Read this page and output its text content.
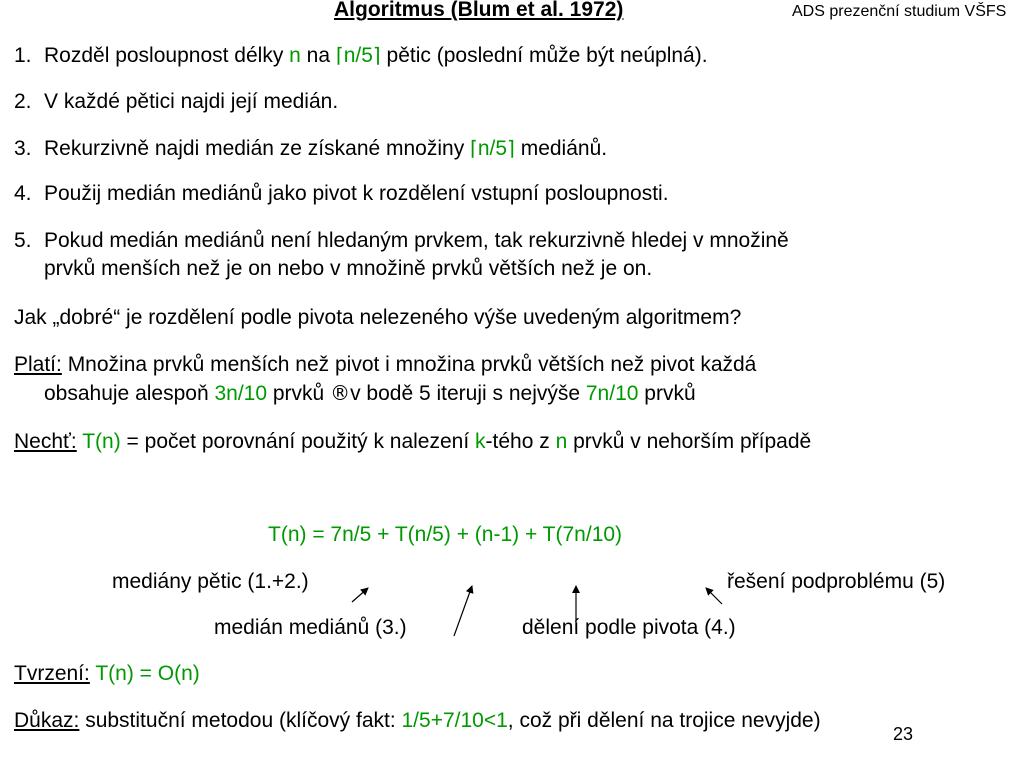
Algoritmus (Blum et al. 1972)	ADS prezenční studium VŠFS
1. Rozděl posloupnost délky n na ⌈n/5⌉ pětic (poslední může být neúplná).
2. V každé pětici najdi její medián.
3. Rekurzivně najdi medián ze získané množiny ⌈n/5⌉ mediánů.
4. Použij medián mediánů jako pivot k rozdělení vstupní posloupnosti.
5. Pokud medián mediánů není hledaným prvkem, tak rekurzivně hledej v množině
prvků menších než je on nebo v množině prvků větších než je on.
Jak „dobré“ je rozdělení podle pivota nelezeného výše uvedeným algoritmem?
Platí: Množina prvků menších než pivot i množina prvků větších než pivot každá
obsahuje alespoň 3n/10 prvků ®v bodě 5 iteruji s nejvýše 7n/10 prvků
Nechť: T(n) = počet porovnání použitý k nalezení k-tého z n prvků v nehorším případě
T(n) = 7n/5 + T(n/5) + (n-1) + T(7n/10)
mediány pětic (1.+2.)	řešení podproblému (5)
medián mediánů (3.)	dělení podle pivota (4.)
Tvrzení: T(n) = O(n)
Důkaz: substituční metodou (klíčový fakt: 1/5+7/10<1, což při dělení na trojice nevyjde)
23
